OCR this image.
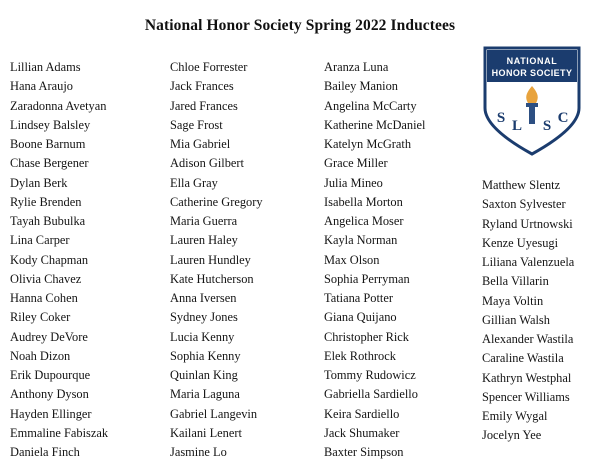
National Honor Society Spring 2022 Inductees
NATIONAL
HONOR SOCIETY
S L S C
Lillian Adams
Hana Araujo
Zaradonna Avetyan
Lindsey Balsley
Boone Barnum
Chase Bergener
Dylan Berk
Rylie Brenden
Tayah Bubulka
Lina Carper
Kody Chapman
Olivia Chavez
Hanna Cohen
Riley Coker
Audrey DeVore
Noah Dizon
Erik Dupourque
Anthony Dyson
Hayden Ellinger
Emmaline Fabiszak
Daniela Finch
Chloe Forrester
Jack Frances
Jared Frances
Sage Frost
Mia Gabriel
Adison Gilbert
Ella Gray
Catherine Gregory
Maria Guerra
Lauren Haley
Lauren Hundley
Kate Hutcherson
Anna Iversen
Sydney Jones
Lucia Kenny
Sophia Kenny
Quinlan King
Maria Laguna
Gabriel Langevin
Kailani Lenert
Jasmine Lo
Aranza Luna
Bailey Manion
Angelina McCarty
Katherine McDaniel
Katelyn McGrath
Grace Miller
Julia Mineo
Isabella Morton
Angelica Moser
Kayla Norman
Max Olson
Sophia Perryman
Tatiana Potter
Giana Quijano
Christopher Rick
Elek Rothrock
Tommy Rudowicz
Gabriella Sardiello
Keira Sardiello
Jack Shumaker
Baxter Simpson
Matthew Slentz
Saxton Sylvester
Ryland Urtnowski
Kenze Uyesugi
Liliana Valenzuela
Bella Villarin
Maya Voltin
Gillian Walsh
Alexander Wastila
Caraline Wastila
Kathryn Westphal
Spencer Williams
Emily Wygal
Jocelyn Yee
